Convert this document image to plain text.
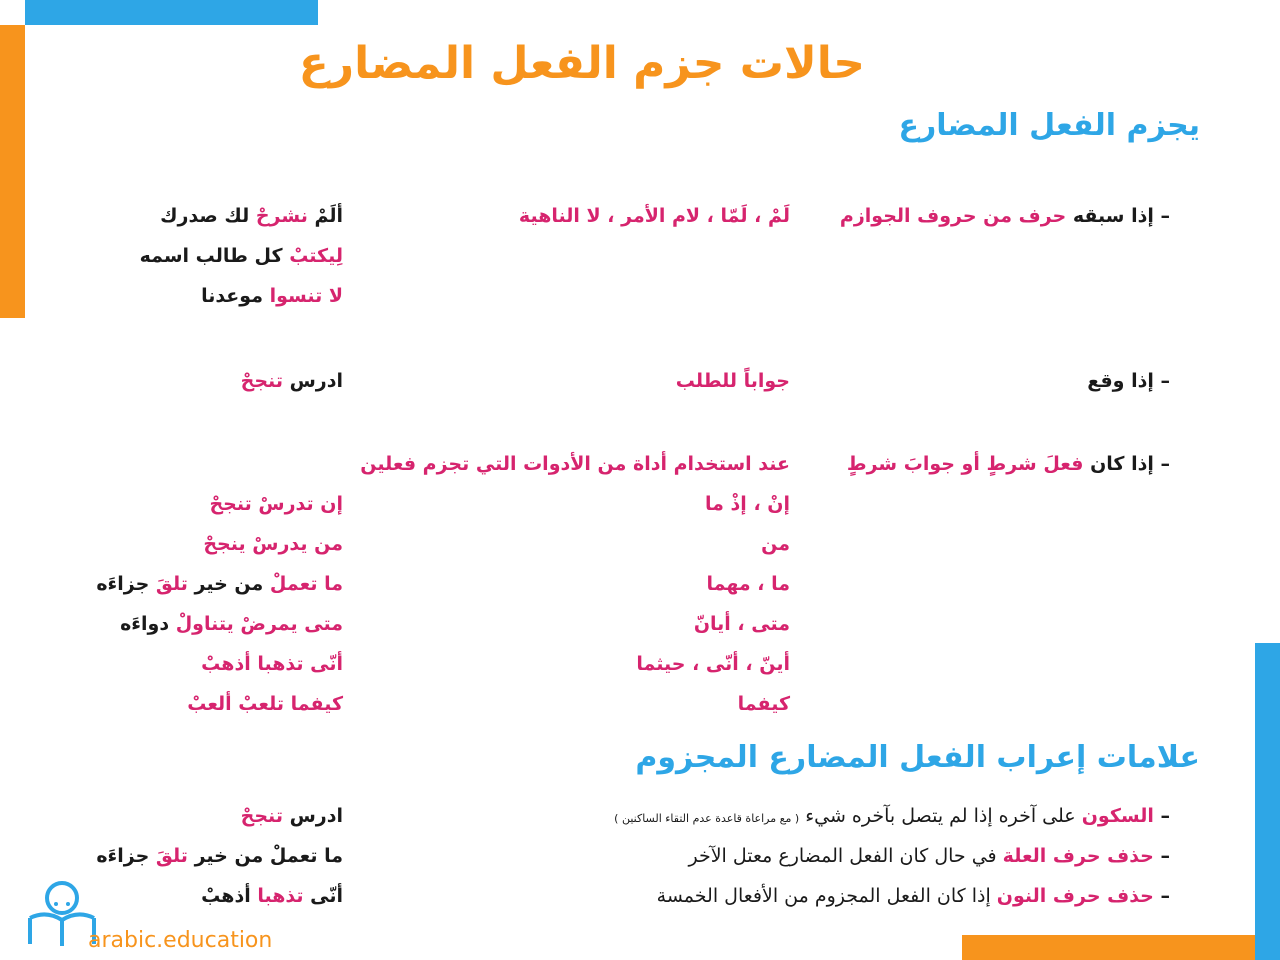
حالات جزم الفعل المضارع
يجزم الفعل المضارع
– إذا سبقه حرف من حروف الجوازم
لَمْ ، لَمّا ، لام الأمر ، لا الناهية
ألَمْ نشرحْ لك صدرك
لِيكتبْ كل طالب اسمه
لا تنسوا موعدنا
– إذا وقع
جواباً للطلب
ادرس تنجحْ
– إذا كان فعلَ شرطٍ أو جوابَ شرطٍ
عند استخدام أداة من الأدوات التي تجزم فعلين
إنْ ، إذْ ما
من
ما ، مهما
متى ، أيانّ
أينّ ، أنّى ، حيثما
كيفما
إن تدرسْ تنجحْ
من يدرسْ ينجحْ
ما تعملْ من خير تلقَ جزاءَه
متى يمرضْ يتناولْ دواءَه
أنّى تذهبا أذهبْ
كيفما تلعبْ ألعبْ
علامات إعراب الفعل المضارع المجزوم
– السكون على آخره إذا لم يتصل بآخره شيء ( مع مراعاة قاعدة عدم التقاء الساكنين )
– حذف حرف العلة في حال كان الفعل المضارع معتل الآخر
– حذف حرف النون إذا كان الفعل المجزوم من الأفعال الخمسة
ادرس تنجحْ
ما تعملْ من خير تلقَ جزاءَه
أنّى تذهبا أذهبْ
arabic.education
